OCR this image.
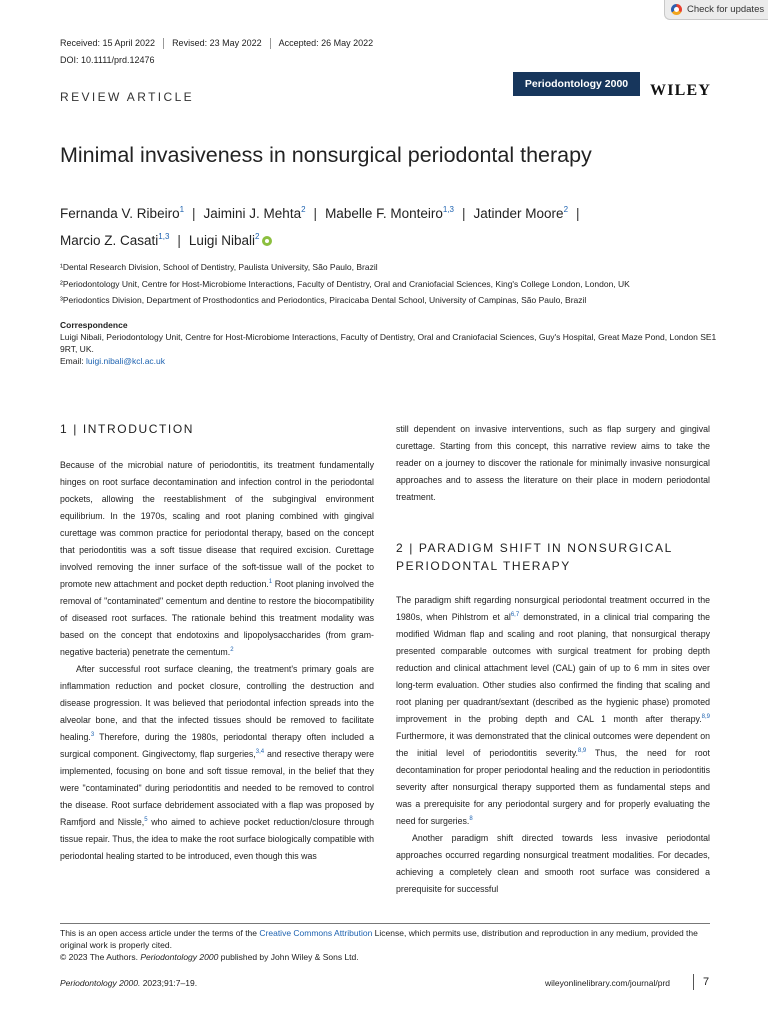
Check for updates
Received: 15 April 2022	Revised: 23 May 2022	Accepted: 26 May 2022
DOI: 10.1111/prd.12476
Periodontology 2000	WILEY
REVIEW ARTICLE
Minimal invasiveness in nonsurgical periodontal therapy
Fernanda V. Ribeiro$^1$ | Jaimini J. Mehta$^2$ | Mabelle F. Monteiro$^{1,3}$ | Jatinder Moore$^2$ |
Marcio Z. Casati$^{1,3}$ | Luigi Nibali$^2$
¹Dental Research Division, School of Dentistry, Paulista University, São Paulo, Brazil
²Periodontology Unit, Centre for Host-Microbiome Interactions, Faculty of Dentistry, Oral and Craniofacial Sciences, King's College London, London, UK
³Periodontics Division, Department of Prosthodontics and Periodontics, Piracicaba Dental School, University of Campinas, São Paulo, Brazil
Correspondence
Luigi Nibali, Periodontology Unit, Centre for Host-Microbiome Interactions, Faculty of Dentistry, Oral and Craniofacial Sciences, Guy's Hospital, Great Maze Pond, London SE1 9RT, UK.
Email: luigi.nibali@kcl.ac.uk
1 | INTRODUCTION

Because of the microbial nature of periodontitis, its treatment fundamentally hinges on root surface decontamination and infection control in the periodontal pockets, allowing the reestablishment of the subgingival environment equilibrium. In the 1970s, scaling and root planing combined with gingival curettage was common practice for periodontal therapy, based on the concept that periodontitis was a soft tissue disease that required excision. Curettage involved removing the inner surface of the soft-tissue wall of the pocket to promote new attachment and pocket depth reduction.$^1$ Root planing involved the removal of "contaminated" cementum and dentine to restore the biocompatibility of diseased root surfaces. The rationale behind this treatment modality was based on the concept that endotoxins and lipopolysaccharides (from gram-negative bacteria) penetrate the cementum.$^2$

After successful root surface cleaning, the treatment's primary goals are inflammation reduction and pocket closure, controlling the destruction and disease progression. It was believed that periodontal infection spreads into the alveolar bone, and that the infected tissues should be removed to facilitate healing.$^3$ Therefore, during the 1980s, periodontal therapy often included a surgical component. Gingivectomy, flap surgeries,$^{3,4}$ and resective therapy were implemented, focusing on bone and soft tissue removal, in the belief that they were "contaminated" during periodontitis and needed to be removed to control the disease. Root surface debridement associated with a flap was proposed by Ramfjord and Nissle,$^5$ who aimed to achieve pocket reduction/closure through tissue repair. Thus, the idea to make the root surface biologically compatible with periodontal healing started to be introduced, even though this was

still dependent on invasive interventions, such as flap surgery and gingival curettage. Starting from this concept, this narrative review aims to take the reader on a journey to discover the rationale for minimally invasive nonsurgical approaches and to assess the literature on their place in modern periodontal treatment.

2 | PARADIGM SHIFT IN NONSURGICAL PERIODONTAL THERAPY

The paradigm shift regarding nonsurgical periodontal treatment occurred in the 1980s, when Pihlstrom et al$^{6,7}$ demonstrated, in a clinical trial comparing the modified Widman flap and scaling and root planing, that nonsurgical therapy presented comparable outcomes with surgical treatment for probing depth reduction and clinical attachment level (CAL) gain of up to 6 mm in sites over long-term evaluation. Other studies also confirmed the finding that scaling and root planing per quadrant/sextant (described as the hygienic phase) promoted improvement in the probing depth and CAL 1 month after therapy.$^{8,9}$ Furthermore, it was demonstrated that the clinical outcomes were dependent on the initial level of periodontitis severity.$^{8,9}$ Thus, the need for root decontamination for proper periodontal healing and the reduction in periodontitis severity after nonsurgical therapy supported them as fundamental steps and was a prerequisite for any periodontal surgery and for properly evaluating the need for surgeries.$^8$

Another paradigm shift directed towards less invasive periodontal approaches occurred regarding nonsurgical treatment modalities. For decades, achieving a completely clean and smooth root surface was considered a prerequisite for successful

This is an open access article under the terms of the Creative Commons Attribution License, which permits use, distribution and reproduction in any medium, provided the original work is properly cited.
© 2023 The Authors. Periodontology 2000 published by John Wiley & Sons Ltd.
Periodontology 2000. 2023;91:7–19.	wileyonlinelibrary.com/journal/prd	7
